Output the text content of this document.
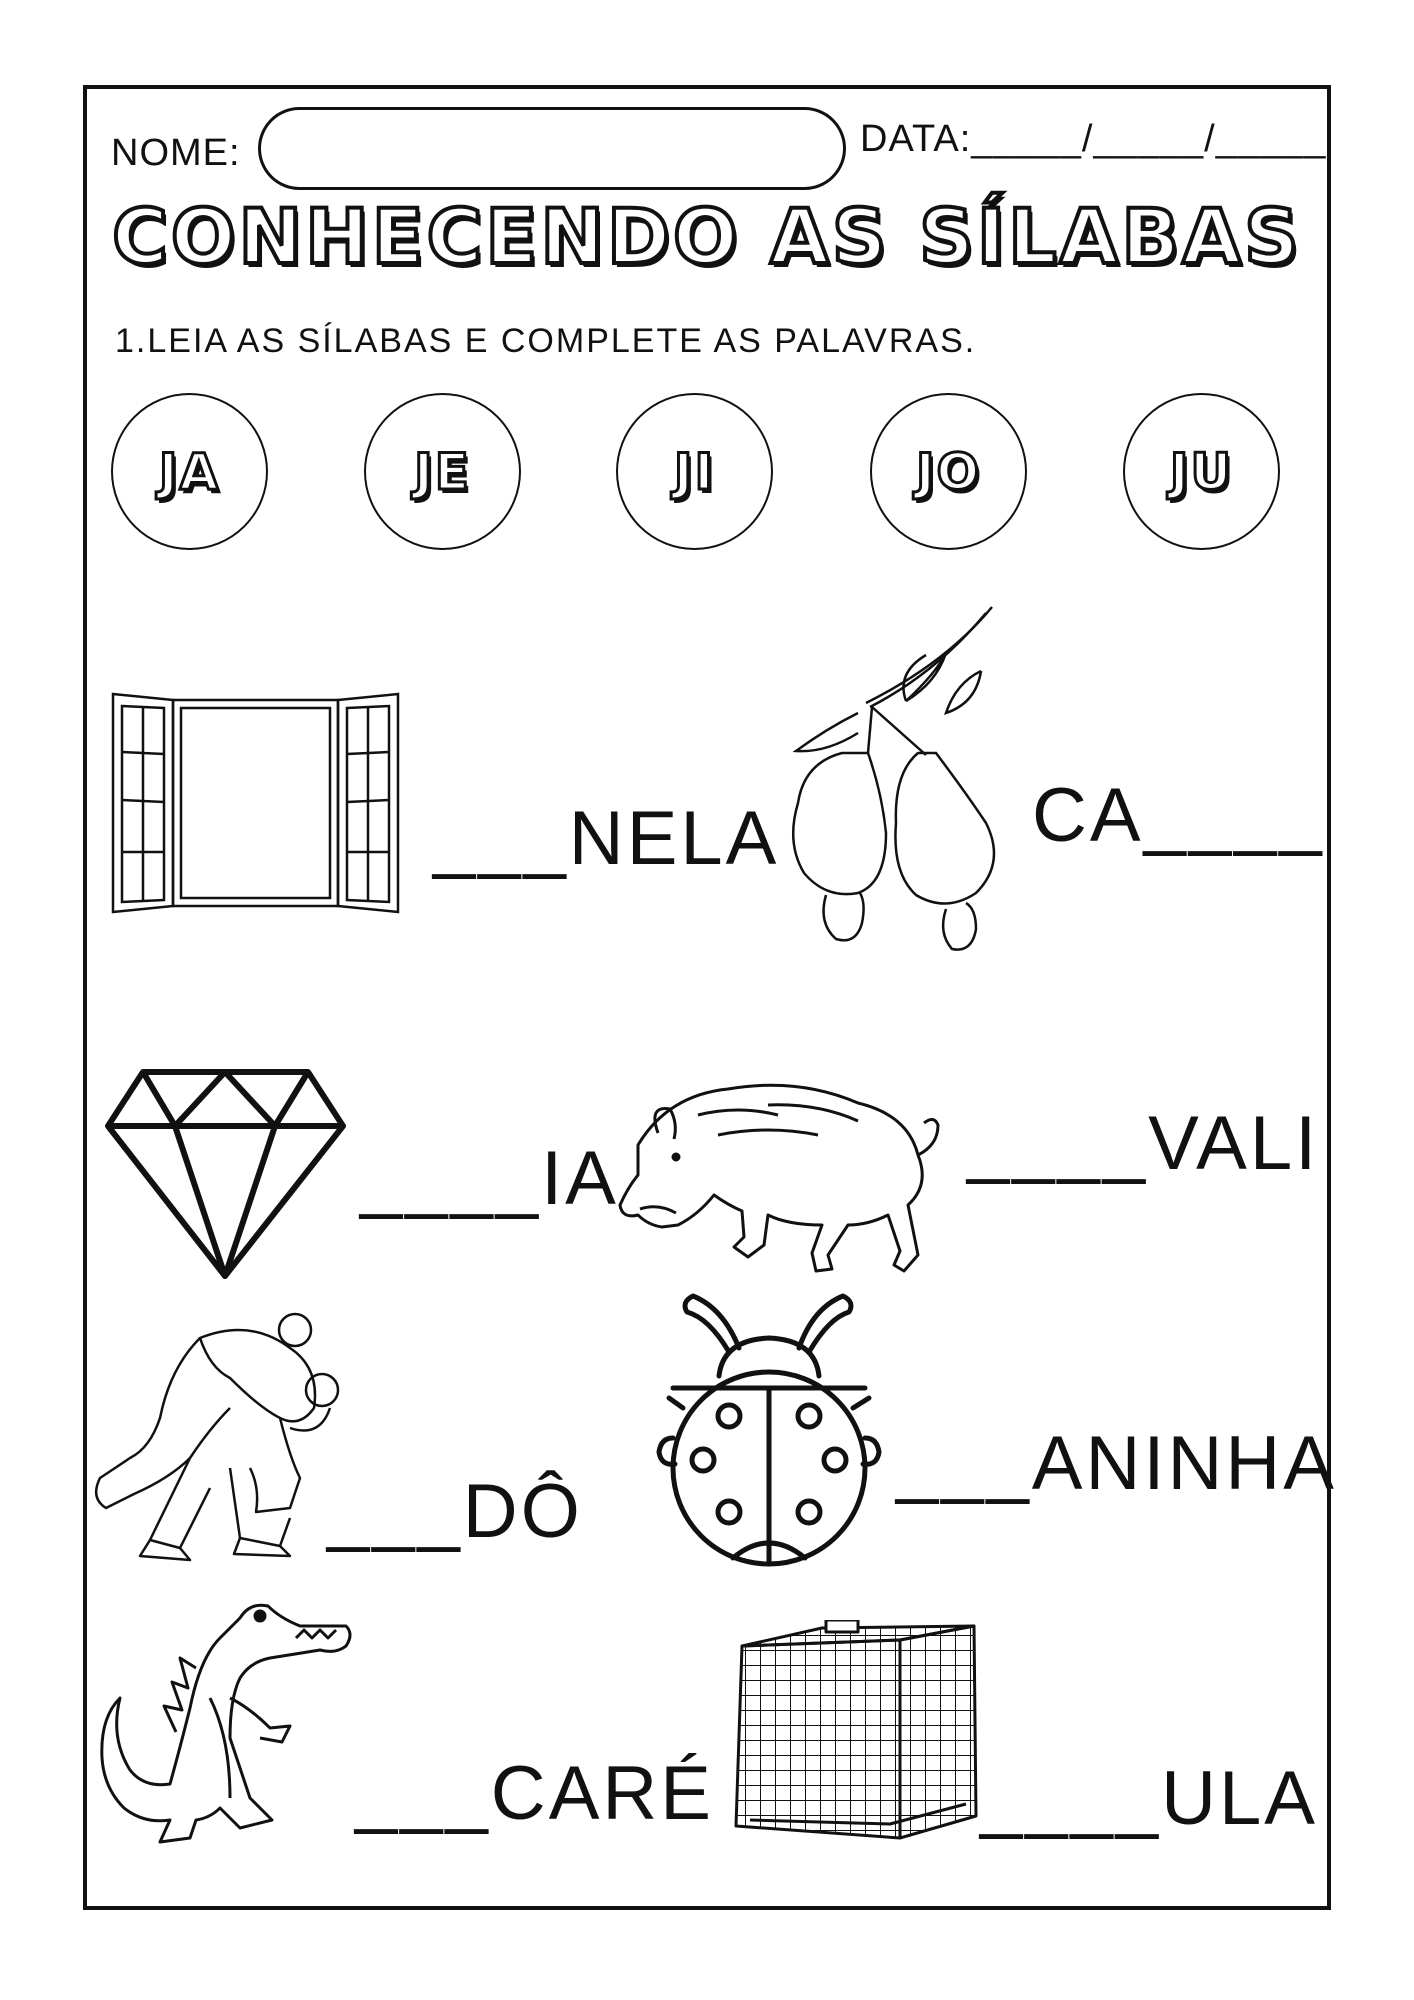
NOME:	DATA:_____/_____/_____
CONHECENDO AS SÍLABAS
1.LEIA AS SÍLABAS E COMPLETE AS PALAVRAS.
JA	JE	JI	JO	JU
___NELA	CA____
____IA	____VALI
___DÔ
___ANINHA
___CARÉ	____ULA
